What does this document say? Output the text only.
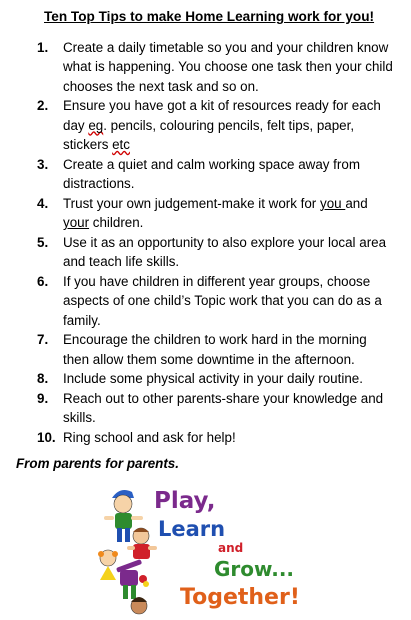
Ten Top Tips to make Home Learning work for you!
1. Create a daily timetable so you and your children know what is happening. You choose one task then your child chooses the next task and so on.
2. Ensure you have got a kit of resources ready for each day eg. pencils, colouring pencils, felt tips, paper, stickers etc
3. Create a quiet and calm working space away from distractions.
4. Trust your own judgement-make it work for you and your children.
5. Use it as an opportunity to also explore your local area and teach life skills.
6. If you have children in different year groups, choose aspects of one child’s Topic work that you can do as a family.
7. Encourage the children to work hard in the morning then allow them some downtime in the afternoon.
8. Include some physical activity in your daily routine.
9. Reach out to other parents-share your knowledge and skills.
10. Ring school and ask for help!
From parents for parents.
Play,
Learn
and
Grow...
Together!
